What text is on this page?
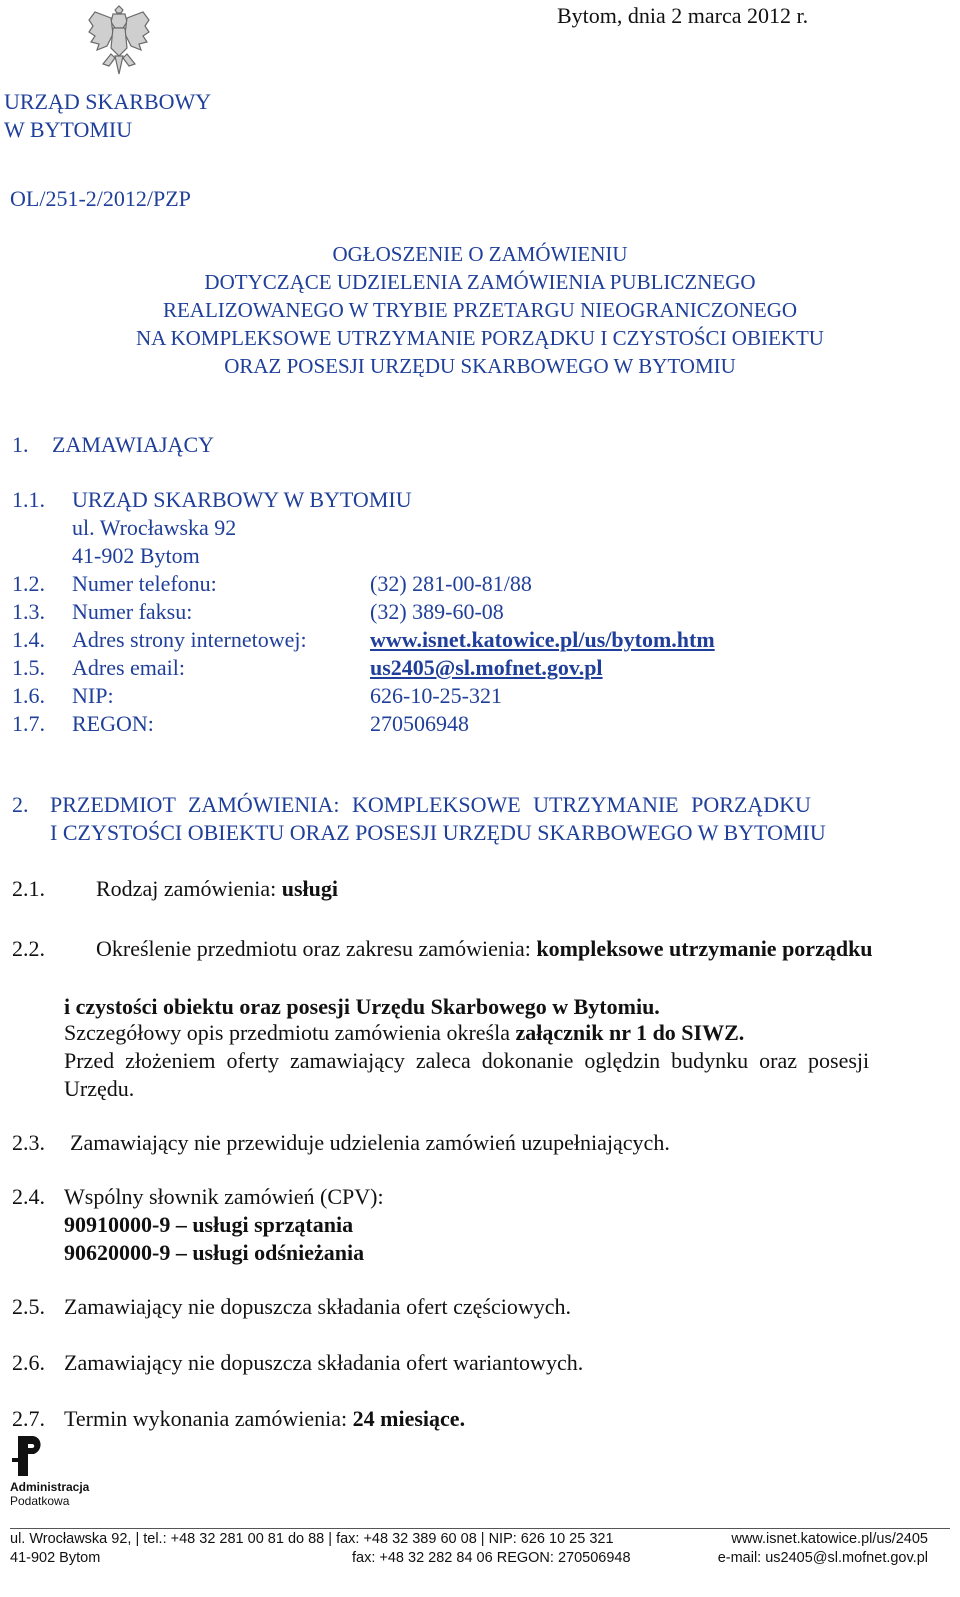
Bytom, dnia 2 marca 2012 r.
URZĄD SKARBOWY
W BYTOMIU
OL/251-2/2012/PZP
OGŁOSZENIE O ZAMÓWIENIU
DOTYCZĄCE UDZIELENIA ZAMÓWIENIA PUBLICZNEGO
REALIZOWANEGO W TRYBIE PRZETARGU NIEOGRANICZONEGO
NA KOMPLEKSOWE UTRZYMANIE PORZĄDKU I CZYSTOŚCI OBIEKTU
ORAZ POSESJI URZĘDU SKARBOWEGO W BYTOMIU
1. ZAMAWIAJĄCY
1.1. URZĄD SKARBOWY W BYTOMIU
ul. Wrocławska 92
41-902 Bytom
1.2. Numer telefonu:	(32) 281-00-81/88
1.3. Numer faksu:	(32) 389-60-08
1.4. Adres strony internetowej:	www.isnet.katowice.pl/us/bytom.htm
1.5. Adres email:	us2405@sl.mofnet.gov.pl
1.6. NIP:	626-10-25-321
1.7. REGON:	270506948
2. PRZEDMIOT ZAMÓWIENIA: KOMPLEKSOWE UTRZYMANIE PORZĄDKU
I CZYSTOŚCI OBIEKTU ORAZ POSESJI URZĘDU SKARBOWEGO W BYTOMIU
2.1. Rodzaj zamówienia: usługi
2.2. Określenie przedmiotu oraz zakresu zamówienia: kompleksowe utrzymanie porządku
i czystości obiektu oraz posesji Urzędu Skarbowego w Bytomiu.
Szczegółowy opis przedmiotu zamówienia określa załącznik nr 1 do SIWZ.
Przed złożeniem oferty zamawiający zaleca dokonanie oględzin budynku oraz posesji
Urzędu.
2.3. Zamawiający nie przewiduje udzielenia zamówień uzupełniających.
2.4. Wspólny słownik zamówień (CPV):
90910000-9 – usługi sprzątania
90620000-9 – usługi odśnieżania
2.5. Zamawiający nie dopuszcza składania ofert częściowych.
2.6. Zamawiający nie dopuszcza składania ofert wariantowych.
2.7. Termin wykonania zamówienia: 24 miesiące.
Administracja
Podatkowa
ul. Wrocławska 92, | tel.: +48 32 281 00 81 do 88 | fax: +48 32 389 60 08 | NIP: 626 10 25 321	www.isnet.katowice.pl/us/2405
41-902 Bytom	fax: +48 32 282 84 06 REGON: 270506948	e-mail: us2405@sl.mofnet.gov.pl
